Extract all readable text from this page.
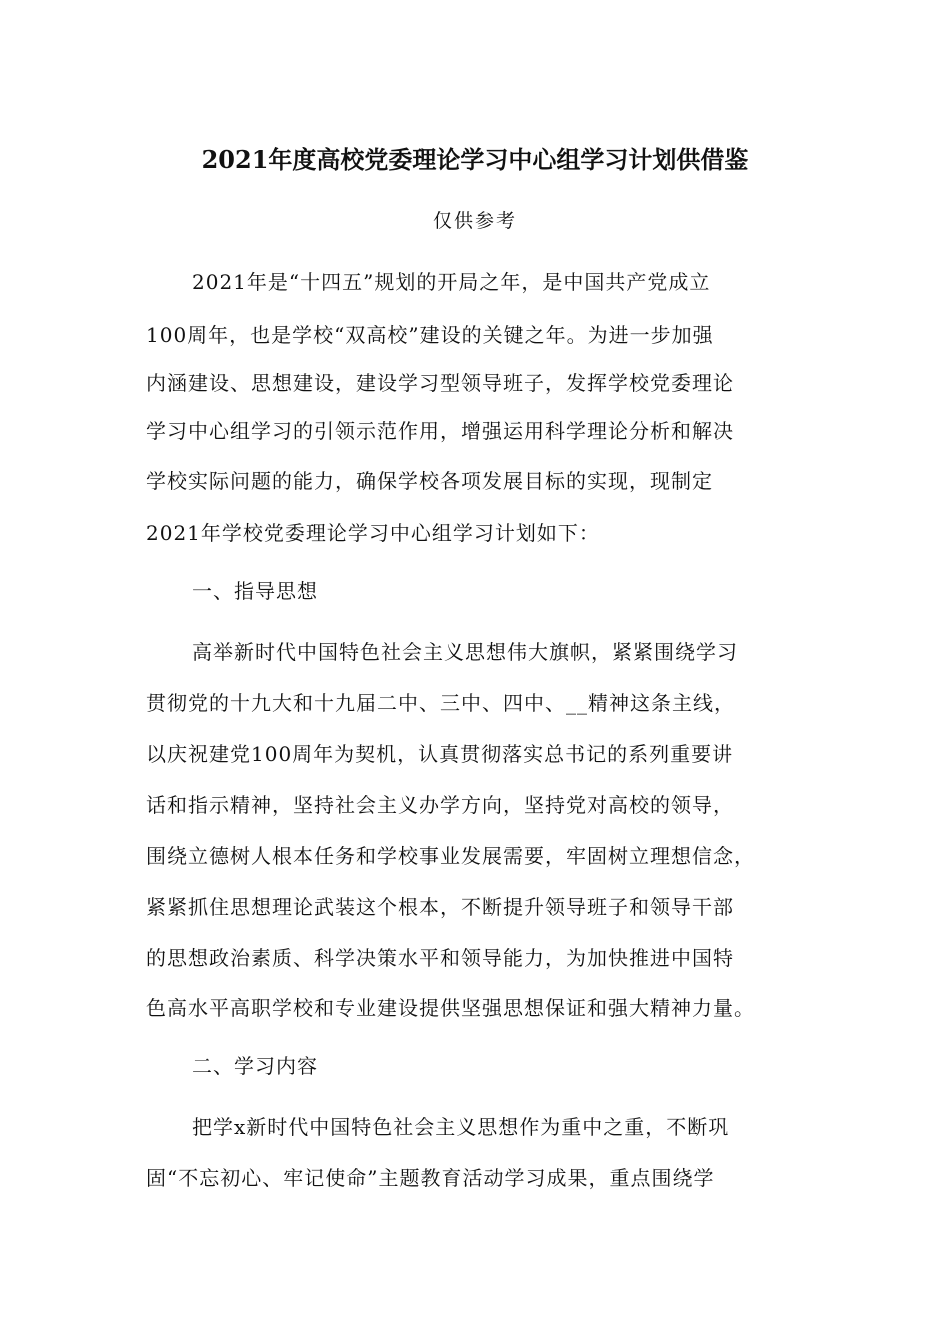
2021年度高校党委理论学习中心组学习计划供借鉴
仅供参考
2021年是“十四五”规划的开局之年，是中国共产党成立
100周年，也是学校“双高校”建设的关键之年。为进一步加强
内涵建设、思想建设，建设学习型领导班子，发挥学校党委理论
学习中心组学习的引领示范作用，增强运用科学理论分析和解决
学校实际问题的能力，确保学校各项发展目标的实现，现制定
2021年学校党委理论学习中心组学习计划如下：
一、指导思想
高举新时代中国特色社会主义思想伟大旗帜，紧紧围绕学习
贯彻党的十九大和十九届二中、三中、四中、__精神这条主线，
以庆祝建党100周年为契机，认真贯彻落实总书记的系列重要讲
话和指示精神，坚持社会主义办学方向，坚持党对高校的领导，
围绕立德树人根本任务和学校事业发展需要，牢固树立理想信念，
紧紧抓住思想理论武装这个根本，不断提升领导班子和领导干部
的思想政治素质、科学决策水平和领导能力，为加快推进中国特
色高水平高职学校和专业建设提供坚强思想保证和强大精神力量。
二、学习内容
把学x新时代中国特色社会主义思想作为重中之重，不断巩
固“不忘初心、牢记使命”主题教育活动学习成果，重点围绕学
